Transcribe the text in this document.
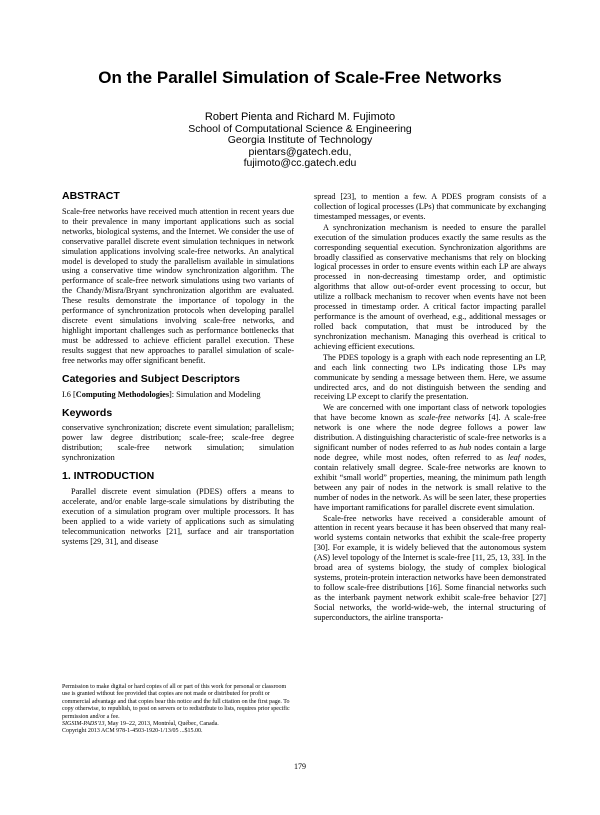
On the Parallel Simulation of Scale-Free Networks
Robert Pienta and Richard M. Fujimoto
School of Computational Science & Engineering
Georgia Institute of Technology
pientars@gatech.edu,
fujimoto@cc.gatech.edu
ABSTRACT

Scale-free networks have received much attention in recent years due to their prevalence in many important applications such as social networks, biological systems, and the Internet. We consider the use of conservative parallel discrete event simulation techniques in network simulation applications involving scale-free networks. An analytical model is developed to study the parallelism available in simulations using a conservative time window synchronization algorithm. The performance of scale-free network simulations using two variants of the Chandy/Misra/Bryant synchronization algorithm are evaluated. These results demonstrate the importance of topology in the performance of synchronization protocols when developing parallel discrete event simulations involving scale-free networks, and highlight important challenges such as performance bottlenecks that must be addressed to achieve efficient parallel execution. These results suggest that new approaches to parallel simulation of scale-free networks may offer significant benefit.

Categories and Subject Descriptors

I.6 [Computing Methodologies]: Simulation and Modeling

Keywords

conservative synchronization; discrete event simulation; parallelism; power law degree distribution; scale-free; scale-free degree distribution; scale-free network simulation; simulation synchronization

1. INTRODUCTION

Parallel discrete event simulation (PDES) offers a means to accelerate, and/or enable large-scale simulations by distributing the execution of a simulation program over multiple processors. It has been applied to a wide variety of applications such as simulating telecommunication networks [21], surface and air transportation systems [29, 31], and disease

Permission to make digital or hard copies of all or part of this work for personal or classroom use is granted without fee provided that copies are not made or distributed for profit or commercial advantage and that copies bear this notice and the full citation on the first page. To copy otherwise, to republish, to post on servers or to redistribute to lists, requires prior specific permission and/or a fee.

SIGSIM-PADS'13, May 19–22, 2013, Montréal, Québec, Canada.

Copyright 2013 ACM 978-1-4503-1920-1/13/05 ...$15.00.

spread [23], to mention a few. A PDES program consists of a collection of logical processes (LPs) that communicate by exchanging timestamped messages, or events.

A synchronization mechanism is needed to ensure the parallel execution of the simulation produces exactly the same results as the corresponding sequential execution. Synchronization algorithms are broadly classified as conservative mechanisms that rely on blocking logical processes in order to ensure events within each LP are always processed in non-decreasing timestamp order, and optimistic algorithms that allow out-of-order event processing to occur, but utilize a rollback mechanism to recover when events have not been processed in timestamp order. A critical factor impacting parallel performance is the amount of overhead, e.g., additional messages or rolled back computation, that must be introduced by the synchronization mechanism. Managing this overhead is critical to achieving efficient executions.

The PDES topology is a graph with each node representing an LP, and each link connecting two LPs indicating those LPs may communicate by sending a message between them. Here, we assume undirected arcs, and do not distinguish between the sending and receiving LP except to clarify the presentation.

We are concerned with one important class of network topologies that have become known as scale-free networks [4]. A scale-free network is one where the node degree follows a power law distribution. A distinguishing characteristic of scale-free networks is a significant number of nodes referred to as hub nodes contain a large node degree, while most nodes, often referred to as leaf nodes, contain relatively small degree. Scale-free networks are known to exhibit “small world” properties, meaning, the minimum path length between any pair of nodes in the network is small relative to the number of nodes in the network. As will be seen later, these properties have important ramifications for parallel discrete event simulation.

Scale-free networks have received a considerable amount of attention in recent years because it has been observed that many real-world systems contain networks that exhibit the scale-free property [30]. For example, it is widely believed that the autonomous system (AS) level topology of the Internet is scale-free [11, 25, 13, 33]. In the broad area of systems biology, the study of complex biological systems, protein-protein interaction networks have been demonstrated to follow scale-free distributions [16]. Some financial networks such as the interbank payment network exhibit scale-free behavior [27] Social networks, the world-wide-web, the internal structuring of superconductors, the airline transporta-

179
